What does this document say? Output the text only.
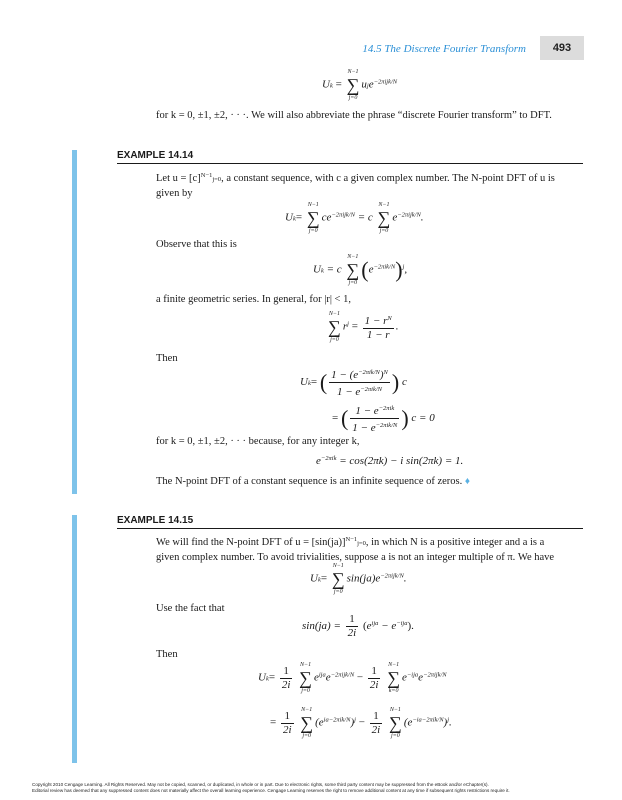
14.5 The Discrete Fourier Transform	493
Uk =
N−1
∑
j=0
uje$^{-2\pi ijk/N}$
for k = 0, ±1, ±2, · · ·. We will also abbreviate the phrase “discrete Fourier transform” to DFT.
EXAMPLE 14.14
Let $u = [c]^{N-1}j=0$, a constant sequence, with c a given complex number. The N-point DFT of u is
given by
Uk=
N−1
∑
j=0
$ce^{-2\pi ijk/N} = c$
N−1
∑
j=0
$e^{-2\pi ijk/N}$.
Observe that this is
Uk = c
N−1
∑
j=0
$(e^{-2\pi ik/N})^j$,
a finite geometric series. In general, for |r| < 1,
N−1
∑
j=0
$r^j = \frac{1 - r^N}{1 - r}$ .
Then
Uk= ( $\frac{1 - (e^{-2\pi ik/N})^N}{1 - e^{-2\pi ik/N}}$ ) c
= ( $\frac{1 - e^{-2\pi ik}}{1 - e^{-2\pi ik/N}}$ ) c = 0
for k = 0, ±1, ±2, · · · because, for any integer k,
$e^{-2\pi ik} = \cos(2\pi k) - i$ sin(2πk) = 1.
The N-point DFT of a constant sequence is an infinite sequence of zeros. ♦
EXAMPLE 14.15
We will find the N-point DFT of $u = [\sin(ja)]^{N-1}j=0$, in which N is a positive integer and a is a
given complex number. To avoid trivialities, suppose a is not an integer multiple of π. We have
Uk=
N−1
∑
j=0
$\sin(ja)e^{-2\pi ijk/N}$.
Use the fact that
$\sin(ja) = \frac{1}{2i} (e^{ija} - e^{-ija})$.
Then
$Uk= \frac{1}{2i}$
N−1
∑
j=0
$e^{ija}e^{-2\pi ijk/N} - \frac{1}{2i}$
N−1
∑
k=0
$e^{-ija}e^{-2\pi ijk/N}$
= $\frac{1}{2i}$
N−1
∑
j=0
$(e^{ia-2\pi ik/N})^j - \frac{1}{2i}$
N−1
∑
j=0
$(e^{-ia-2\pi ik/N})^j$.
Copyright 2010 Cengage Learning. All Rights Reserved. May not be copied, scanned, or duplicated, in whole or in part. Due to electronic rights, some third party content may be suppressed from the eBook and/or eChapter(s).
Editorial review has deemed that any suppressed content does not materially affect the overall learning experience. Cengage Learning reserves the right to remove additional content at any time if subsequent rights restrictions require it.
